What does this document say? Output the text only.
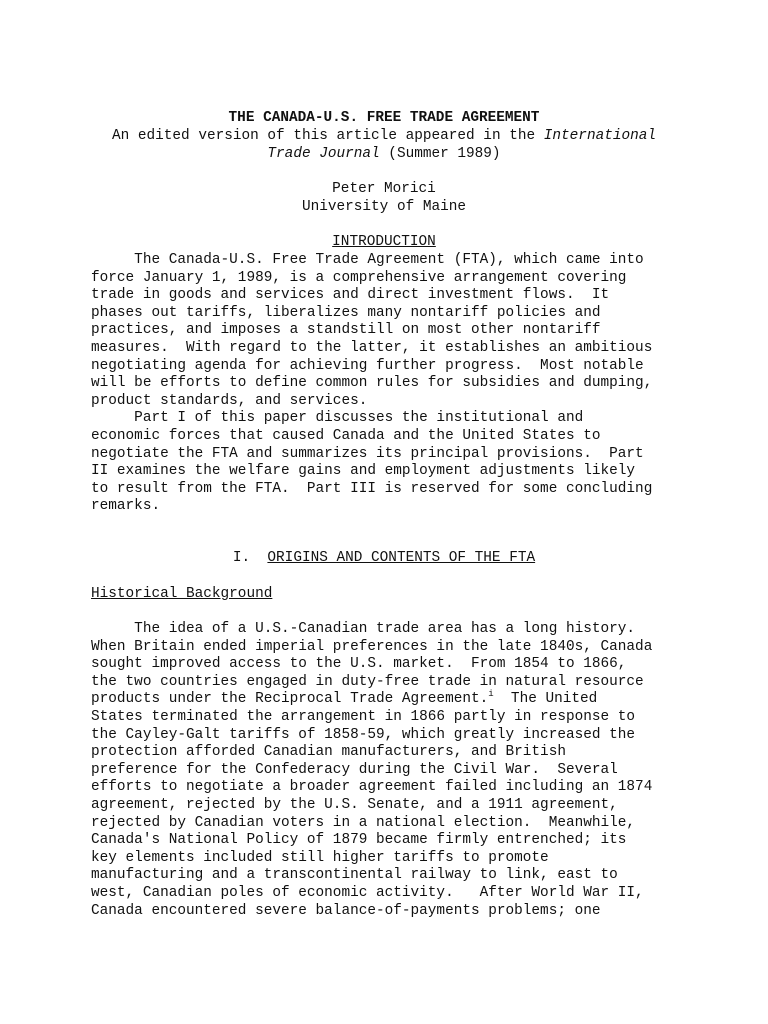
THE CANADA-U.S. FREE TRADE AGREEMENT
An edited version of this article appeared in the International
Trade Journal (Summer 1989)
Peter Morici
University of Maine
INTRODUCTION
The Canada-U.S. Free Trade Agreement (FTA), which came into
force January 1, 1989, is a comprehensive arrangement covering
trade in goods and services and direct investment flows.  It
phases out tariffs, liberalizes many nontariff policies and
practices, and imposes a standstill on most other nontariff
measures.  With regard to the latter, it establishes an ambitious
negotiating agenda for achieving further progress.  Most notable
will be efforts to define common rules for subsidies and dumping,
product standards, and services.
Part I of this paper discusses the institutional and
economic forces that caused Canada and the United States to
negotiate the FTA and summarizes its principal provisions.  Part
II examines the welfare gains and employment adjustments likely
to result from the FTA.  Part III is reserved for some concluding
remarks.
I.  ORIGINS AND CONTENTS OF THE FTA
Historical Background
The idea of a U.S.-Canadian trade area has a long history.
When Britain ended imperial preferences in the late 1840s, Canada
sought improved access to the U.S. market.  From 1854 to 1866,
the two countries engaged in duty-free trade in natural resource
products under the Reciprocal Trade Agreement.$^i$  The United
States terminated the arrangement in 1866 partly in response to
the Cayley-Galt tariffs of 1858-59, which greatly increased the
protection afforded Canadian manufacturers, and British
preference for the Confederacy during the Civil War.  Several
efforts to negotiate a broader agreement failed including an 1874
agreement, rejected by the U.S. Senate, and a 1911 agreement,
rejected by Canadian voters in a national election.  Meanwhile,
Canada's National Policy of 1879 became firmly entrenched; its
key elements included still higher tariffs to promote
manufacturing and a transcontinental railway to link, east to
west, Canadian poles of economic activity.   After World War II,
Canada encountered severe balance-of-payments problems; one
